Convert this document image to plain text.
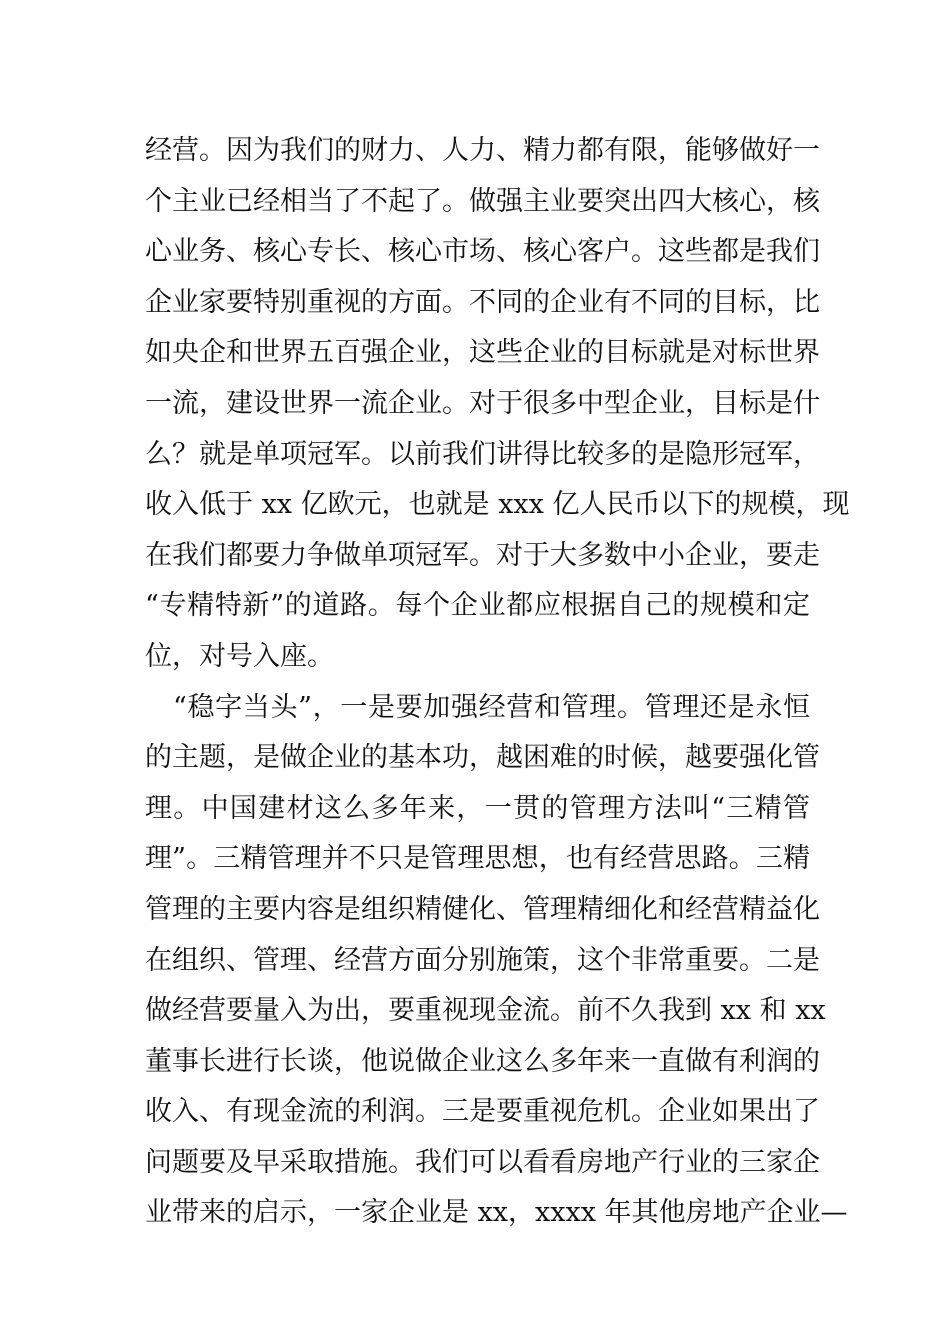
经营。因为我们的财力、人力、精力都有限，能够做好一
个主业已经相当了不起了。做强主业要突出四大核心，核
心业务、核心专长、核心市场、核心客户。这些都是我们
企业家要特别重视的方面。不同的企业有不同的目标，比
如央企和世界五百强企业，这些企业的目标就是对标世界
一流，建设世界一流企业。对于很多中型企业，目标是什
么？就是单项冠军。以前我们讲得比较多的是隐形冠军，
收入低于 xx 亿欧元，也就是 xxx 亿人民币以下的规模，现
在我们都要力争做单项冠军。对于大多数中小企业，要走
“专精特新”的道路。每个企业都应根据自己的规模和定
位，对号入座。
“稳字当头”，一是要加强经营和管理。管理还是永恒
的主题，是做企业的基本功，越困难的时候，越要强化管
理。中国建材这么多年来，一贯的管理方法叫“三精管
理”。三精管理并不只是管理思想，也有经营思路。三精
管理的主要内容是组织精健化、管理精细化和经营精益化
在组织、管理、经营方面分别施策，这个非常重要。二是
做经营要量入为出，要重视现金流。前不久我到 xx 和 xx
董事长进行长谈，他说做企业这么多年来一直做有利润的
收入、有现金流的利润。三是要重视危机。企业如果出了
问题要及早采取措施。我们可以看看房地产行业的三家企
业带来的启示，一家企业是 xx，xxxx 年其他房地产企业—
